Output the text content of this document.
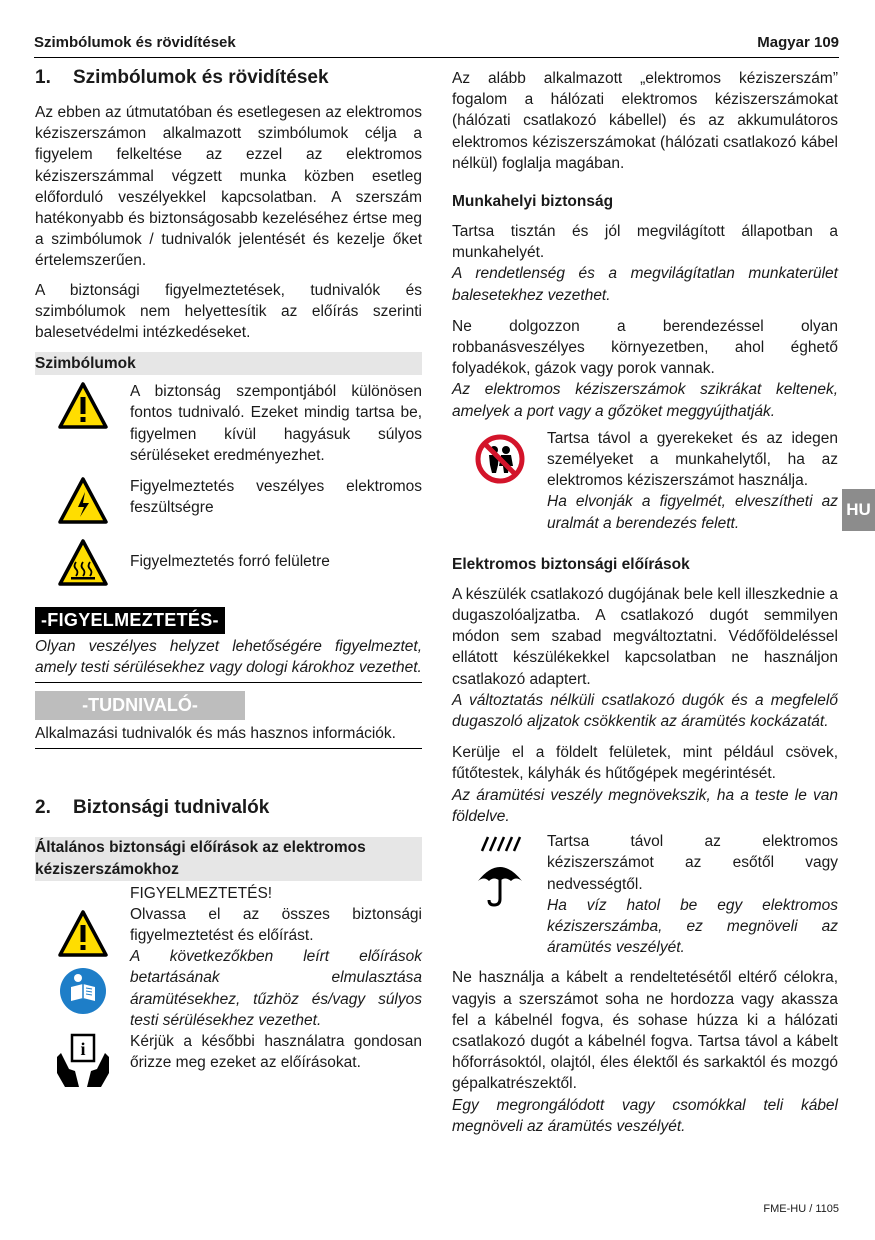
Szimbólumok és rövidítések	Magyar 109
1. Szimbólumok és rövidítések

Az ebben az útmutatóban és esetlegesen az elektromos kéziszerszámon alkalmazott szimbólumok célja a figyelem felkeltése az ezzel az elektromos kéziszerszámmal végzett munka közben esetleg előforduló veszélyekkel kapcsolatban. A szerszám hatékonyabb és biztonságosabb kezeléséhez értse meg a szimbólumok / tudnivalók jelentését és kezelje őket értelemszerűen.

A biztonsági figyelmeztetések, tudnivalók és szimbólumok nem helyettesítik az előírás szerinti balesetvédelmi intézkedéseket.

Szimbólumok

A biztonság szempontjából különösen fontos tudnivaló. Ezeket mindig tartsa be, figyelmen kívül hagyásuk súlyos sérüléseket eredményezhet.

Figyelmeztetés veszélyes elektromos feszültségre

Figyelmeztetés forró felületre

-FIGYELMEZTETÉS-

Olyan veszélyes helyzet lehetőségére figyelmeztet, amely testi sérülésekhez vagy dologi károkhoz vezethet.

-TUDNIVALÓ-

Alkalmazási tudnivalók és más hasznos információk.

2. Biztonsági tudnivalók
Általános biztonsági előírások az elektromos kéziszerszámokhoz

FIGYELMEZTETÉS!

Olvassa el az összes biztonsági figyelmeztetést és előírást.

A következőkben leírt előírások betartásának elmulasztása áramütésekhez, tűzhöz és/vagy súlyos testi sérülésekhez vezethet.

i	Kérjük a későbbi használatra gondosan őrizze meg ezeket az előírásokat.

Az alább alkalmazott „elektromos kéziszerszám” fogalom a hálózati elektromos kéziszerszámokat (hálózati csatlakozó kábellel) és az akkumulátoros elektromos kéziszerszámokat (hálózati csatlakozó kábel nélkül) foglalja magában.

Munkahelyi biztonság

Tartsa tisztán és jól megvilágított állapotban a munkahelyét.

A rendetlenség és a megvilágítatlan munkaterület balesetekhez vezethet.

Ne dolgozzon a berendezéssel olyan robbanásveszélyes környezetben, ahol éghető folyadékok, gázok vagy porok vannak.

Az elektromos kéziszerszámok szikrákat keltenek, amelyek a port vagy a gőzöket meggyújthatják.

Tartsa távol a gyerekeket és az idegen személyeket a munkahelytől, ha az elektromos kéziszerszámot használja.

Ha elvonják a figyelmét, elveszítheti az uralmát a berendezés felett.

Elektromos biztonsági előírások

A készülék csatlakozó dugójának bele kell illeszkednie a dugaszolóaljzatba. A csatlakozó dugót semmilyen módon sem szabad megváltoztatni. Védőföldeléssel ellátott készülékekkel kapcsolatban ne használjon csatlakozó adaptert.

A változtatás nélküli csatlakozó dugók és a megfelelő dugaszoló aljzatok csökkentik az áramütés kockázatát.

Kerülje el a földelt felületek, mint például csövek, fűtőtestek, kályhák és hűtőgépek megérintését.

Az áramütési veszély megnövekszik, ha a teste le van földelve.

Tartsa távol az elektromos kéziszerszámot az esőtől vagy nedvességtől.

Ha víz hatol be egy elektromos kéziszerszámba, ez megnöveli az áramütés veszélyét.

Ne használja a kábelt a rendeltetésétől eltérő célokra, vagyis a szerszámot soha ne hordozza vagy akassza fel a kábelnél fogva, és sohase húzza ki a hálózati csatlakozó dugót a kábelnél fogva. Tartsa távol a kábelt hőforrásoktól, olajtól, éles élektől és sarkaktól és mozgó gépalkatrészektől.

Egy megrongálódott vagy csomókkal teli kábel megnöveli az áramütés veszélyét.

HU
FME-HU / 1105
